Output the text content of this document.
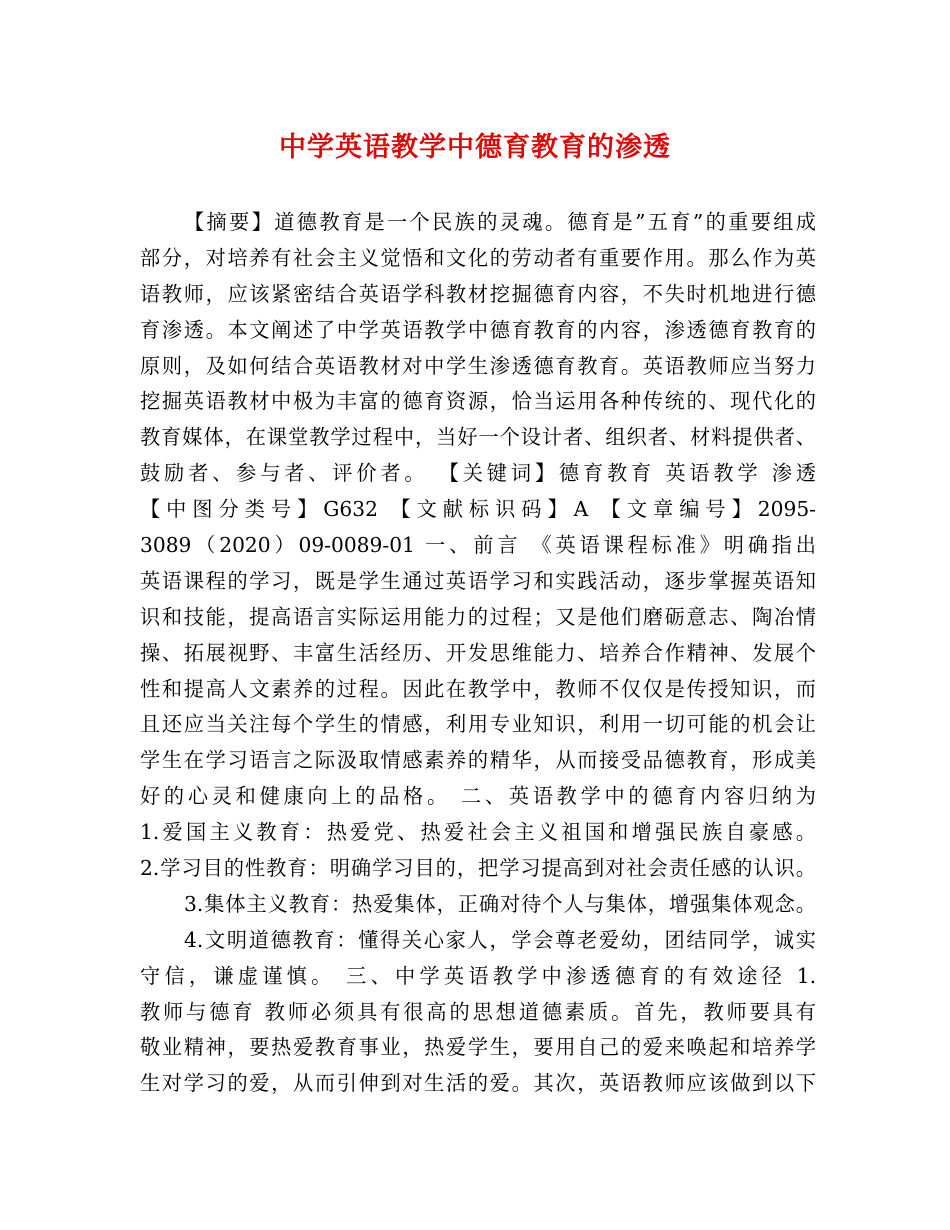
中学英语教学中德育教育的渗透
【摘要】道德教育是一个民族的灵魂。德育是”五育”的重要组成
部分，对培养有社会主义觉悟和文化的劳动者有重要作用。那么作为英
语教师，应该紧密结合英语学科教材挖掘德育内容，不失时机地进行德
育渗透。本文阐述了中学英语教学中德育教育的内容，渗透德育教育的
原则，及如何结合英语教材对中学生渗透德育教育。英语教师应当努力
挖掘英语教材中极为丰富的德育资源，恰当运用各种传统的、现代化的
教育媒体，在课堂教学过程中，当好一个设计者、组织者、材料提供者、
鼓励者、参与者、评价者。 【关键词】德育教育 英语教学 渗透
【中图分类号】G632 【文献标识码】A 【文章编号】2095-
3089（2020）09-0089-01 一、前言 《英语课程标准》明确指出
英语课程的学习，既是学生通过英语学习和实践活动，逐步掌握英语知
识和技能，提高语言实际运用能力的过程；又是他们磨砺意志、陶冶情
操、拓展视野、丰富生活经历、开发思维能力、培养合作精神、发展个
性和提高人文素养的过程。因此在教学中，教师不仅仅是传授知识，而
且还应当关注每个学生的情感，利用专业知识，利用一切可能的机会让
学生在学习语言之际汲取情感素养的精华，从而接受品德教育，形成美
好的心灵和健康向上的品格。 二、英语教学中的德育内容归纳为
1.爱国主义教育：热爱党、热爱社会主义祖国和增强民族自豪感。
2.学习目的性教育：明确学习目的，把学习提高到对社会责任感的认识。
3.集体主义教育：热爱集体，正确对待个人与集体，增强集体观念。
4.文明道德教育：懂得关心家人，学会尊老爱幼，团结同学，诚实
守信，谦虚谨慎。 三、中学英语教学中渗透德育的有效途径 1.
教师与德育 教师必须具有很高的思想道德素质。首先，教师要具有
敬业精神，要热爱教育事业，热爱学生，要用自己的爱来唤起和培养学
生对学习的爱，从而引伸到对生活的爱。其次，英语教师应该做到以下
